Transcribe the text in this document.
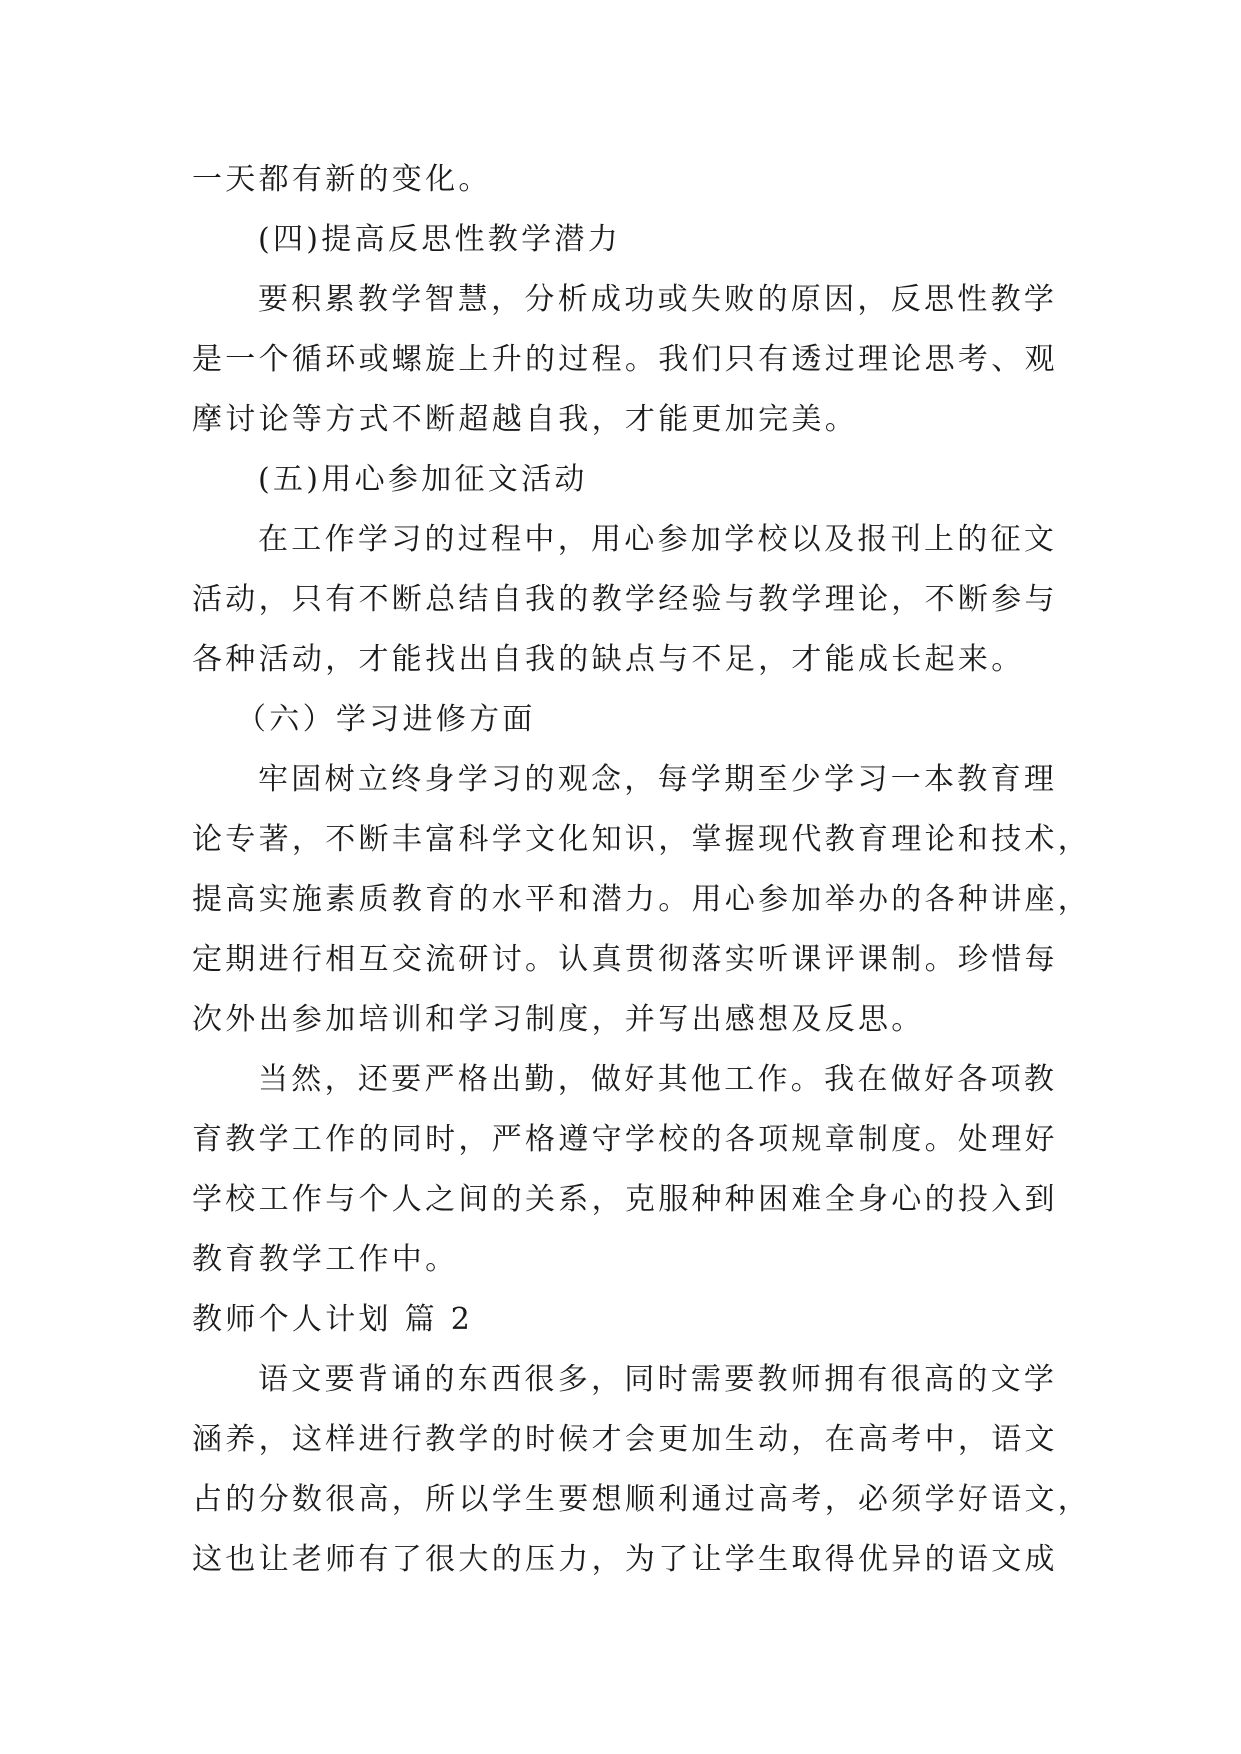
一天都有新的变化。
(四)提高反思性教学潜力
要积累教学智慧，分析成功或失败的原因，反思性教学
是一个循环或螺旋上升的过程。我们只有透过理论思考、观
摩讨论等方式不断超越自我，才能更加完美。
(五)用心参加征文活动
在工作学习的过程中，用心参加学校以及报刊上的征文
活动，只有不断总结自我的教学经验与教学理论，不断参与
各种活动，才能找出自我的缺点与不足，才能成长起来。
（六）学习进修方面
牢固树立终身学习的观念，每学期至少学习一本教育理
论专著，不断丰富科学文化知识，掌握现代教育理论和技术，
提高实施素质教育的水平和潜力。用心参加举办的各种讲座，
定期进行相互交流研讨。认真贯彻落实听课评课制。珍惜每
次外出参加培训和学习制度，并写出感想及反思。
当然，还要严格出勤，做好其他工作。我在做好各项教
育教学工作的同时，严格遵守学校的各项规章制度。处理好
学校工作与个人之间的关系，克服种种困难全身心的投入到
教育教学工作中。
教师个人计划 篇 2
语文要背诵的东西很多，同时需要教师拥有很高的文学
涵养，这样进行教学的时候才会更加生动，在高考中，语文
占的分数很高，所以学生要想顺利通过高考，必须学好语文，
这也让老师有了很大的压力，为了让学生取得优异的语文成
